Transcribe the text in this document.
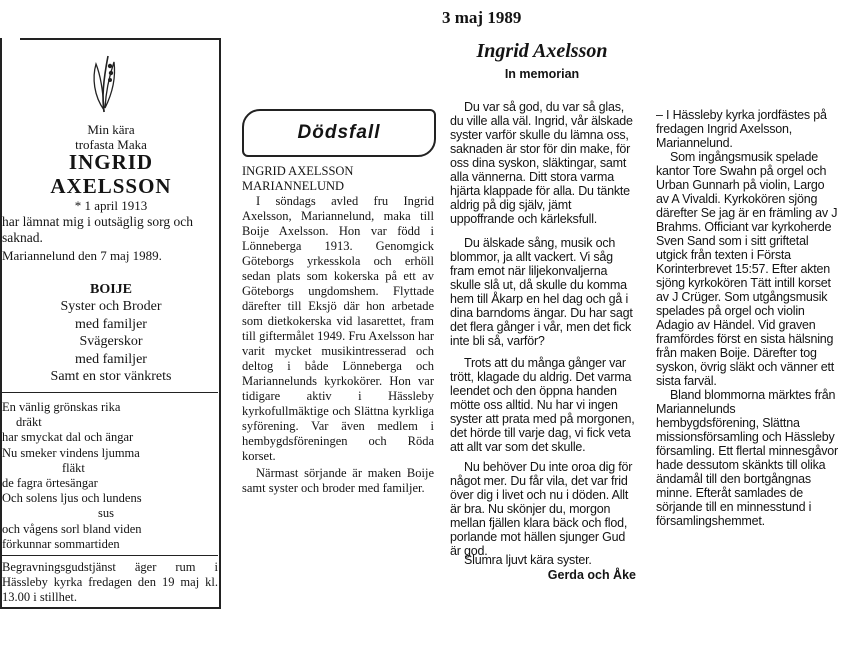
Min kära

trofasta Maka

INGRID

AXELSSON

* 1 april 1913
har lämnat mig i outsäglig sorg och saknad.
Mariannelund den 7 maj 1989.
BOIJE

Syster och Broder

med familjer

Svägerskor

med familjer

Samt en stor vänkrets

En vänlig grönskas rika

dräkt

har smyckat dal och ängar

Nu smeker vindens ljumma

fläkt

de fagra örtesängar

Och solens ljus och lundens

sus

och vågens sorl bland viden

förkunnar sommartiden

Begravningsgudstjänst äger rum i Hässleby kyrka fredagen den 19 maj kl. 13.00 i stillhet.
Dödsfall

INGRID AXELSSON

MARIANNELUND

I söndags avled fru Ingrid Axelsson, Mariannelund, maka till Boije Axelsson. Hon var född i Lönneberga 1913. Genomgick Göteborgs yrkesskola och erhöll sedan plats som kokerska på ett av Göteborgs ungdomshem. Flyttade därefter till Eksjö där hon arbetade som dietkokerska vid lasarettet, fram till giftermålet 1949. Fru Axelsson har varit mycket musikintresserad och deltog i både Lönneberga och Mariannelunds kyrkokörer. Hon var tidigare aktiv i Hässleby kyrkofullmäktige och Slättna kyrkliga syförening. Var även medlem i hembygdsföreningen och Röda korset.
Närmast sörjande är maken Boije samt syster och broder med familjer.
3 maj 1989
Ingrid Axelsson
In memorian
Du var så god, du var så glas, du ville alla väl. Ingrid, vår älskade syster varför skulle du lämna oss, saknaden är stor för din make, för oss dina syskon, släktingar, samt alla vännerna. Ditt stora varma hjärta klappade för alla. Du tänkte aldrig på dig själv, jämt uppoffrande och kärleksfull.
Du älskade sång, musik och blommor, ja allt vackert. Vi såg fram emot när liljekonvaljerna skulle slå ut, då skulle du komma hem till Åkarp en hel dag och gå i dina barndoms ängar. Du har sagt det flera gånger i vår, men det fick inte bli så, varför?
Trots att du många gånger var trött, klagade du aldrig. Det varma leendet och den öppna handen mötte oss alltid. Nu har vi ingen syster att prata med på morgonen, det hörde till varje dag, vi fick veta att allt var som det skulle.
Nu behöver Du inte oroa dig för något mer. Du får vila, det var frid över dig i livet och nu i döden. Allt är bra. Nu skönjer du, morgon mellan fjällen klara bäck och flod, porlande mot hällen sjunger Gud är god.
Slumra ljuvt kära syster.
Gerda och Åke
– I Hässleby kyrka jordfästes på fredagen Ingrid Axelsson, Mariannelund.
Som ingångsmusik spelade kantor Tore Swahn på orgel och Urban Gunnarh på violin, Largo av A Vivaldi. Kyrkokören sjöng därefter Se jag är en främling av J Brahms. Officiant var kyrkoherde Sven Sand som i sitt griftetal utgick från texten i Första Korinterbrevet 15:57. Efter akten sjöng kyrkokören Tätt intill korset av J Crüger. Som utgångsmusik spelades på orgel och violin Adagio av Händel. Vid graven framfördes först en sista hälsning från maken Boije. Därefter tog syskon, övrig släkt och vänner ett sista farväl.
Bland blommorna märktes från Mariannelunds hembygdsförening, Slättna missionsförsamling och Hässleby församling. Ett flertal minnesgåvor hade dessutom skänkts till olika ändamål till den bortgångnas minne. Efteråt samlades de sörjande till en minnesstund i församlingshemmet.
